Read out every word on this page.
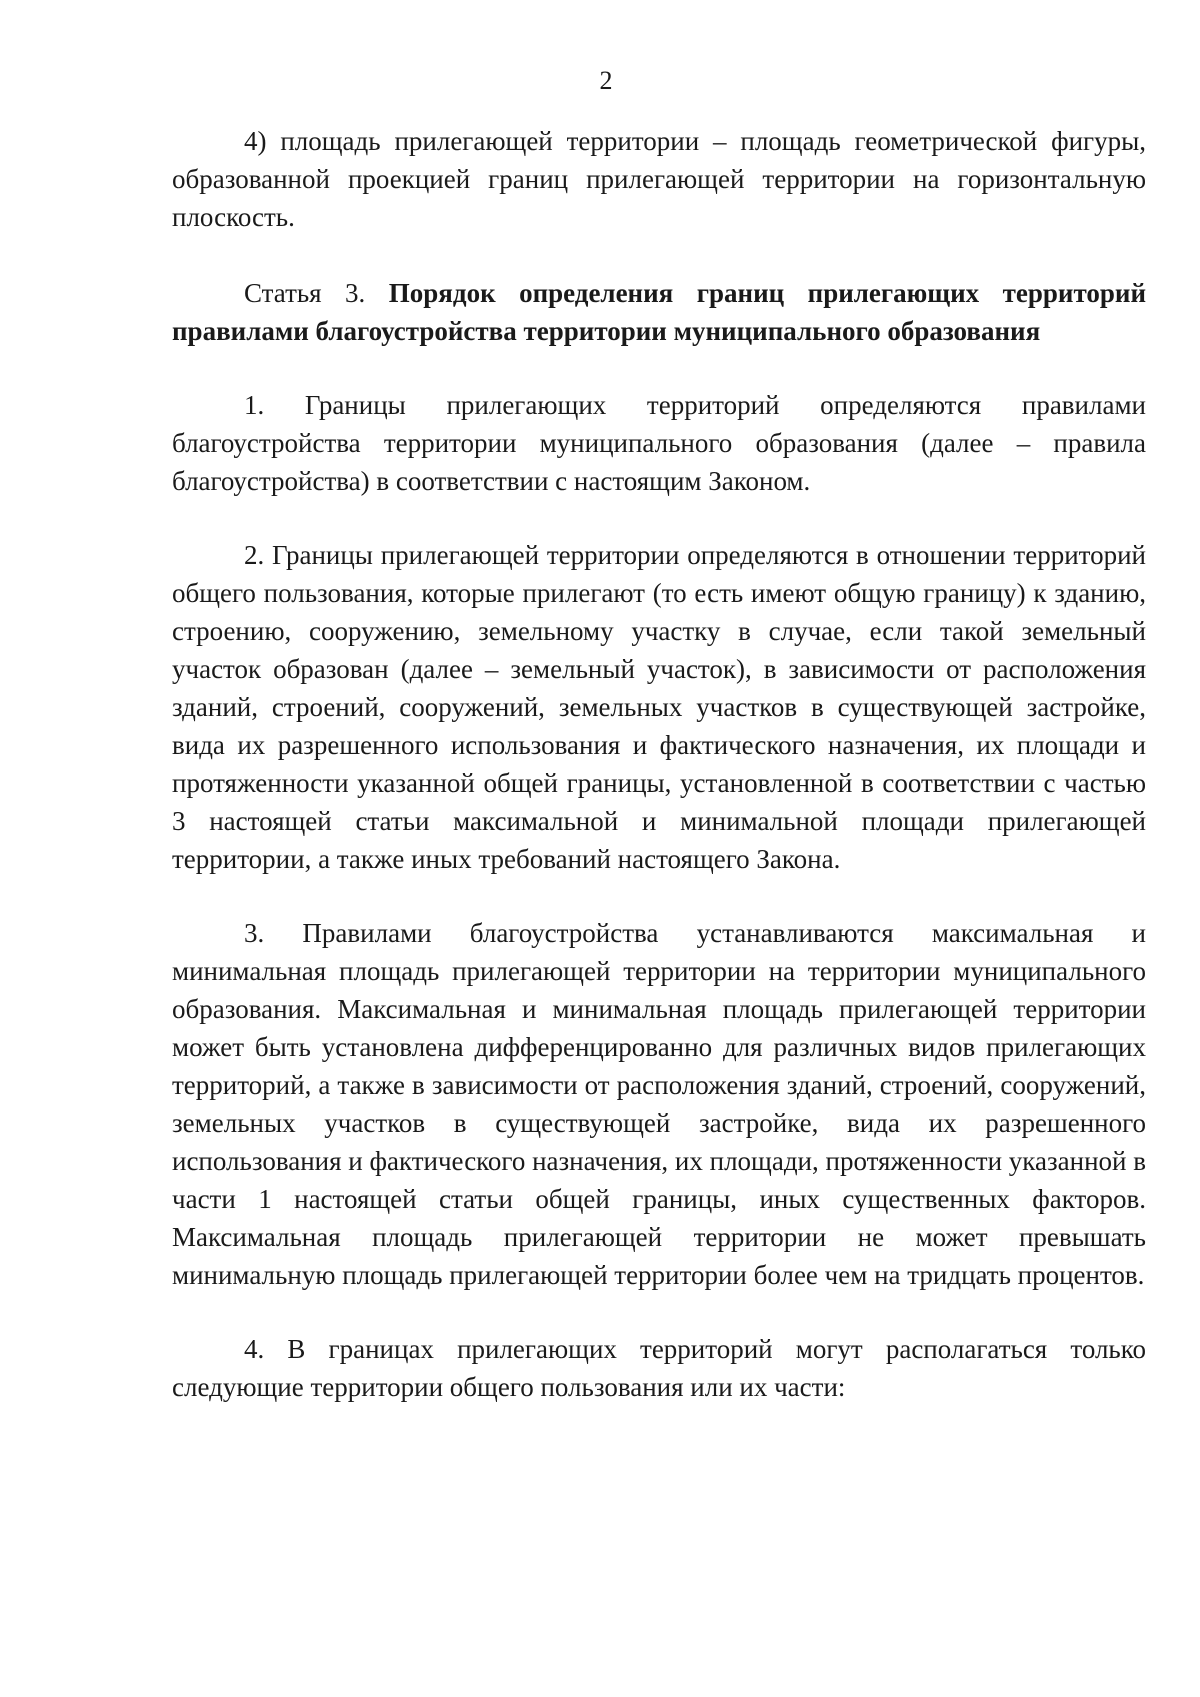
2

4) площадь прилегающей территории – площадь геометрической фигуры, образованной проекцией границ прилегающей территории на горизонтальную плоскость.

Статья 3. Порядок определения границ прилегающих территорий правилами благоустройства территории муниципального образования

1. Границы прилегающих территорий определяются правилами благоустройства территории муниципального образования (далее – правила благоустройства) в соответствии с настоящим Законом.

2. Границы прилегающей территории определяются в отношении территорий общего пользования, которые прилегают (то есть имеют общую границу) к зданию, строению, сооружению, земельному участку в случае, если такой земельный участок образован (далее – земельный участок), в зависимости от расположения зданий, строений, сооружений, земельных участков в существующей застройке, вида их разрешенного использования и фактического назначения, их площади и протяженности указанной общей границы, установленной в соответствии с частью 3 настоящей статьи максимальной и минимальной площади прилегающей территории, а также иных требований настоящего Закона.

3. Правилами благоустройства устанавливаются максимальная и минимальная площадь прилегающей территории на территории муниципального образования. Максимальная и минимальная площадь прилегающей территории может быть установлена дифференцированно для различных видов прилегающих территорий, а также в зависимости от расположения зданий, строений, сооружений, земельных участков в существующей застройке, вида их разрешенного использования и фактического назначения, их площади, протяженности указанной в части 1 настоящей статьи общей границы, иных существенных факторов. Максимальная площадь прилегающей территории не может превышать минимальную площадь прилегающей территории более чем на тридцать процентов.

4. В границах прилегающих территорий могут располагаться только следующие территории общего пользования или их части:
